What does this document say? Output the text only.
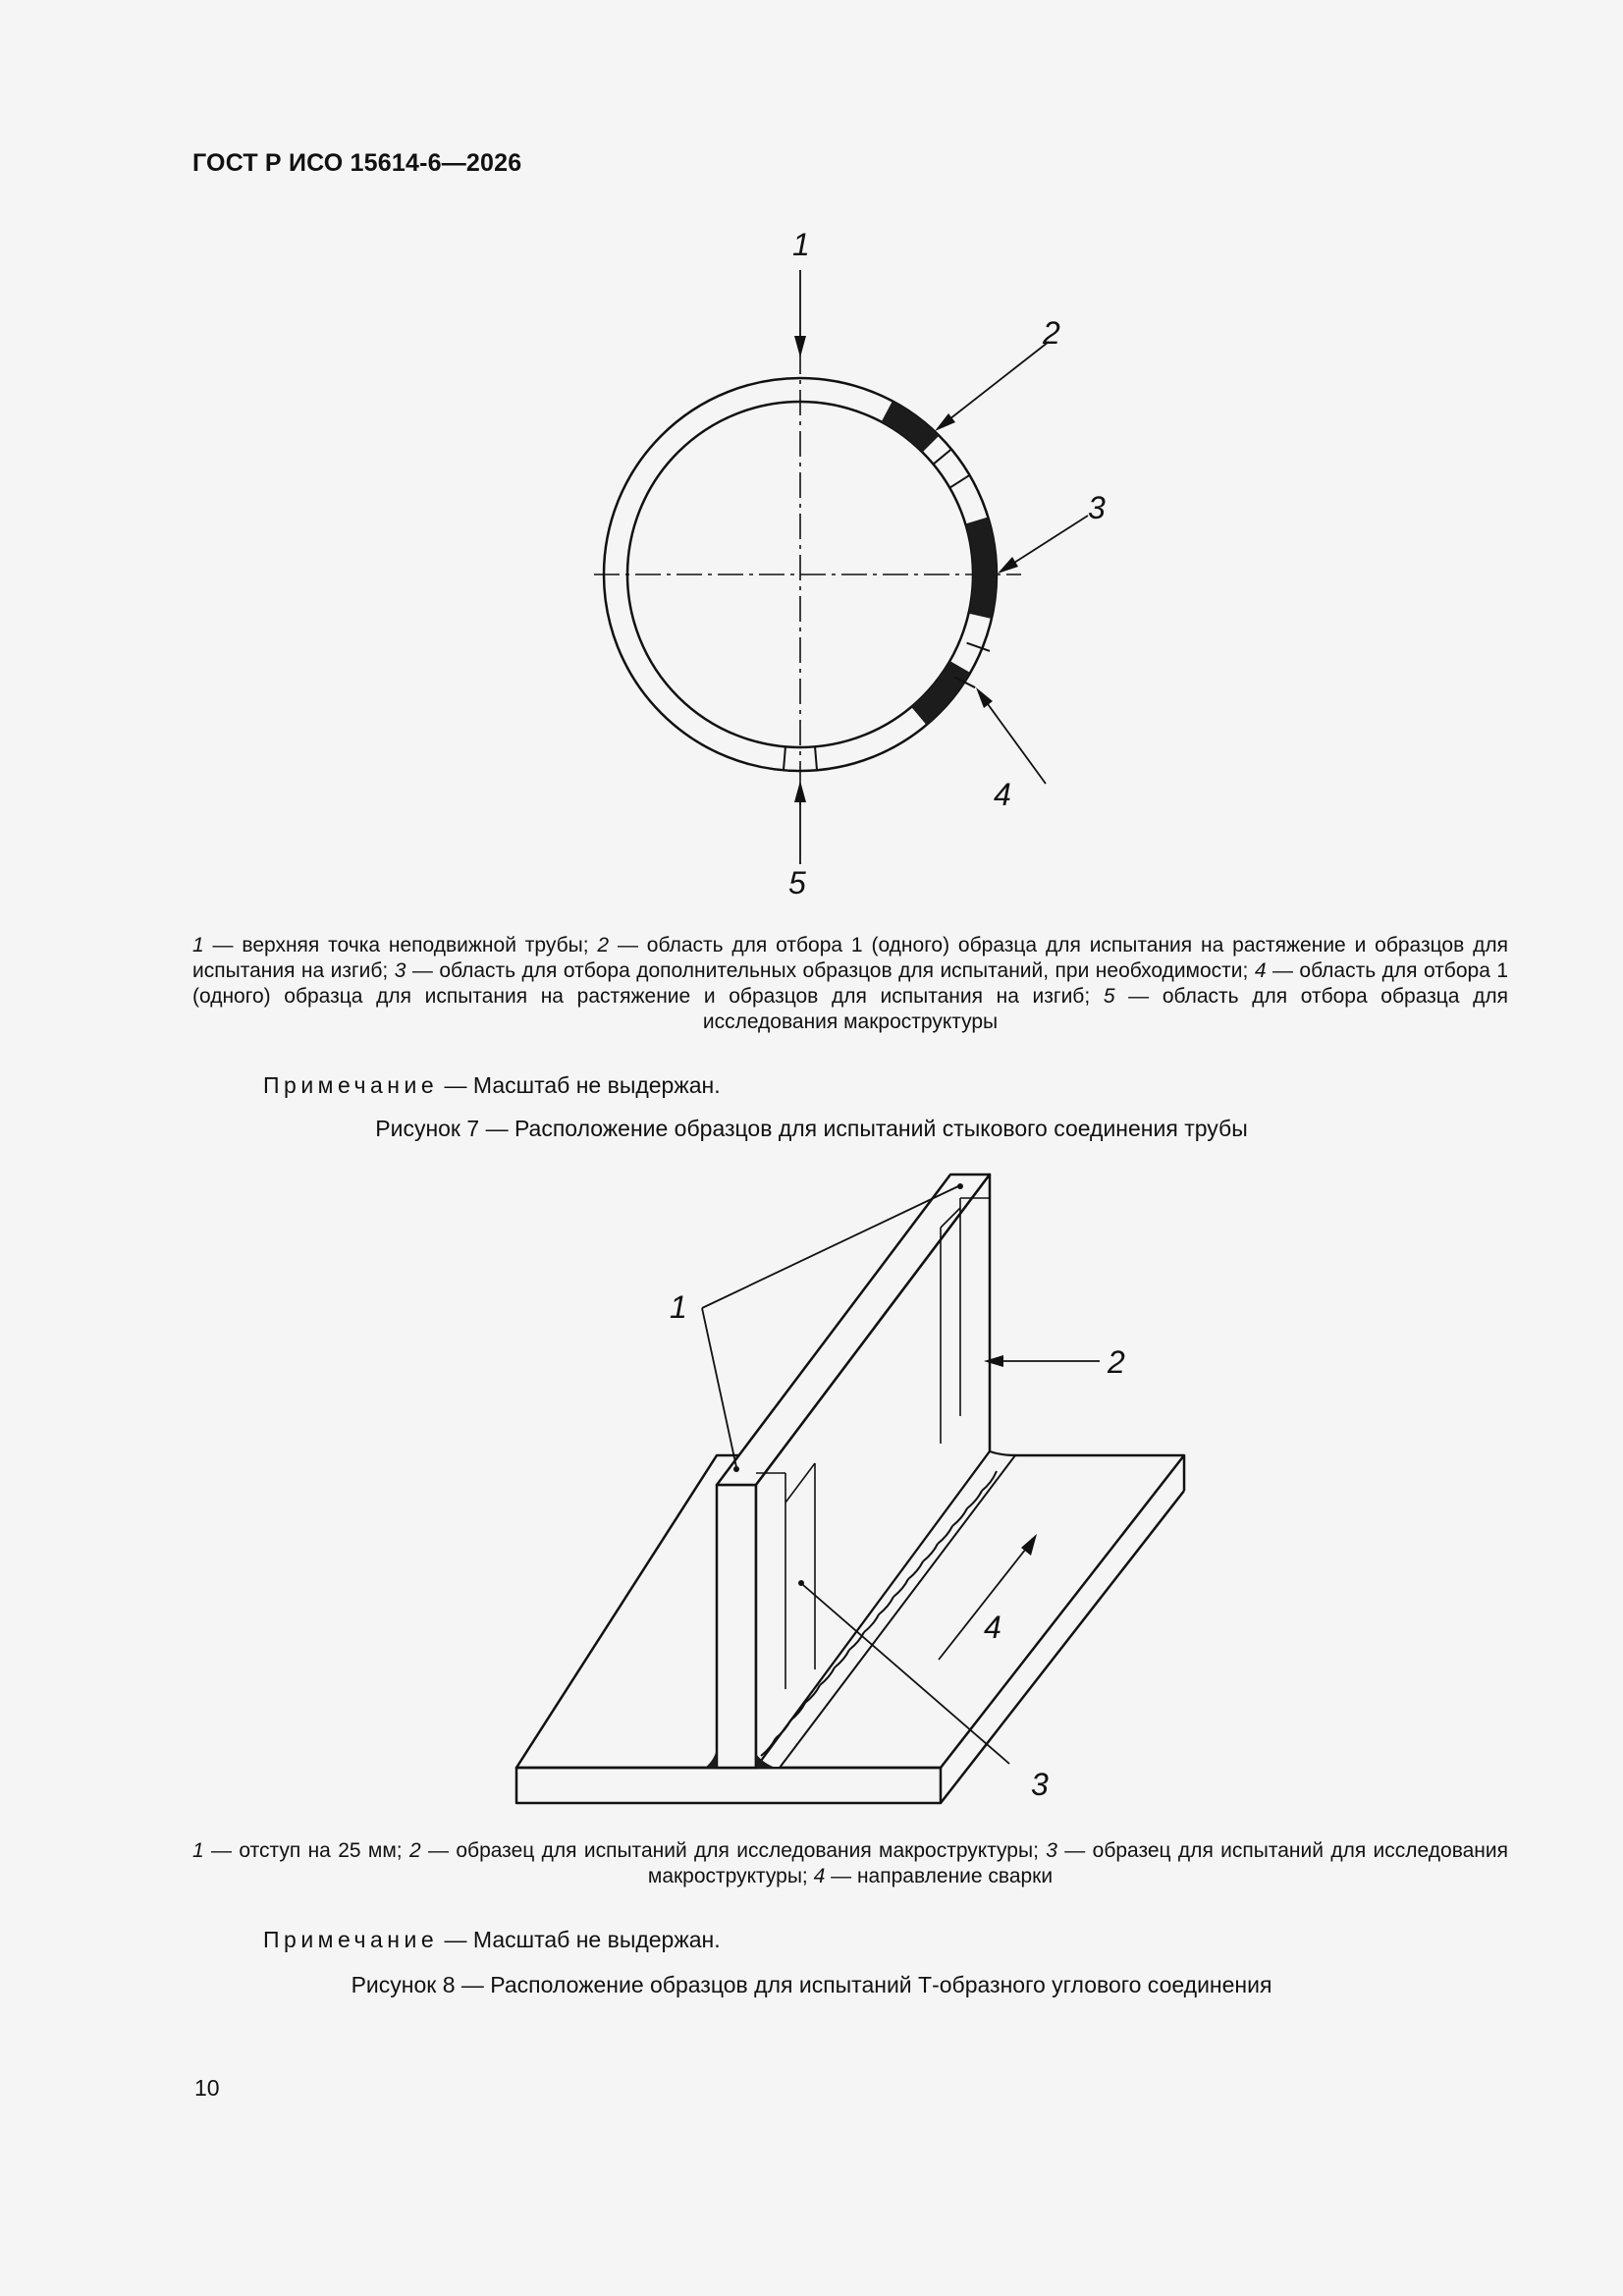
ГОСТ Р ИСО 15614-6—2026
1
2
3
4
5
1 — верхняя точка неподвижной трубы; 2 — область для отбора 1 (одного) образца для испытания на растяжение и образцов для испытания на изгиб; 3 — область для отбора дополнительных образцов для испытаний, при необходимости; 4 — область для отбора 1 (одного) образца для испытания на растяжение и образцов для испытания на изгиб; 5 — область для отбора образца для исследования макроструктуры
Примечание — Масштаб не выдержан.
Рисунок 7 — Расположение образцов для испытаний стыкового соединения трубы
1
2
3
4
1 — отступ на 25 мм; 2 — образец для испытаний для исследования макроструктуры; 3 — образец для испытаний для исследования макроструктуры; 4 — направление сварки
Примечание — Масштаб не выдержан.
Рисунок 8 — Расположение образцов для испытаний Т-образного углового соединения
10
